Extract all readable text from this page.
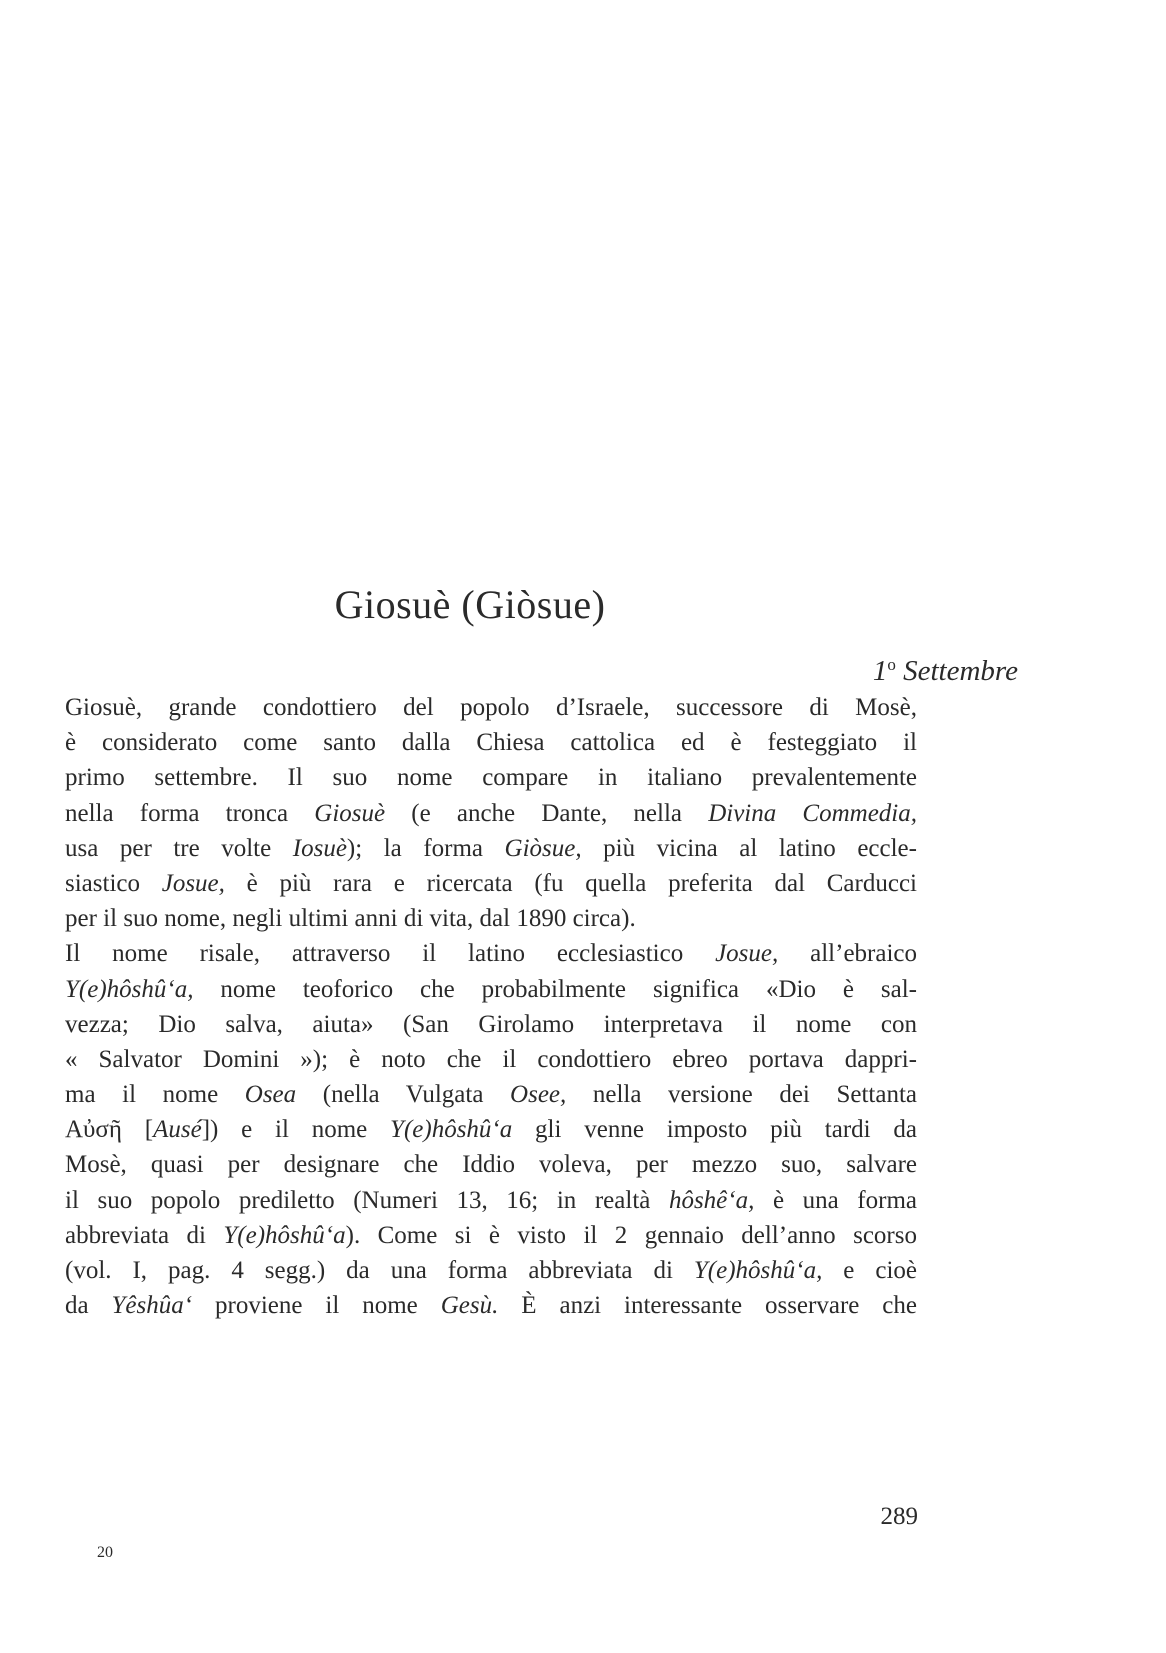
Giosuè (Giòsue)
1$^o$ Settembre
Giosuè, grande condottiero del popolo d’Israele, successore di Mosè,
è considerato come santo dalla Chiesa cattolica ed è festeggiato il
primo settembre. Il suo nome compare in italiano prevalentemente
nella forma tronca Giosuè (e anche Dante, nella Divina Commedia,
usa per tre volte Iosuè); la forma Giòsue, più vicina al latino eccle-
siastico Josue, è più rara e ricercata (fu quella preferita dal Carducci
per il suo nome, negli ultimi anni di vita, dal 1890 circa).
Il nome risale, attraverso il latino ecclesiastico Josue, all’ebraico
Y(e)hôshû‘a, nome teoforico che probabilmente significa «Dio è sal-
vezza; Dio salva, aiuta» (San Girolamo interpretava il nome con
« Salvator Domini »); è noto che il condottiero ebreo portava dappri-
ma il nome Osea (nella Vulgata Osee, nella versione dei Settanta
Αὐσῆ [Ausé]) e il nome Y(e)hôshû‘a gli venne imposto più tardi da
Mosè, quasi per designare che Iddio voleva, per mezzo suo, salvare
il suo popolo prediletto (Numeri 13, 16; in realtà hôshê‘a, è una forma
abbreviata di Y(e)hôshû‘a). Come si è visto il 2 gennaio dell’anno scorso
(vol. I, pag. 4 segg.) da una forma abbreviata di Y(e)hôshû‘a, e cioè
da Yêshûa‘ proviene il nome Gesù. È anzi interessante osservare che
289
20
